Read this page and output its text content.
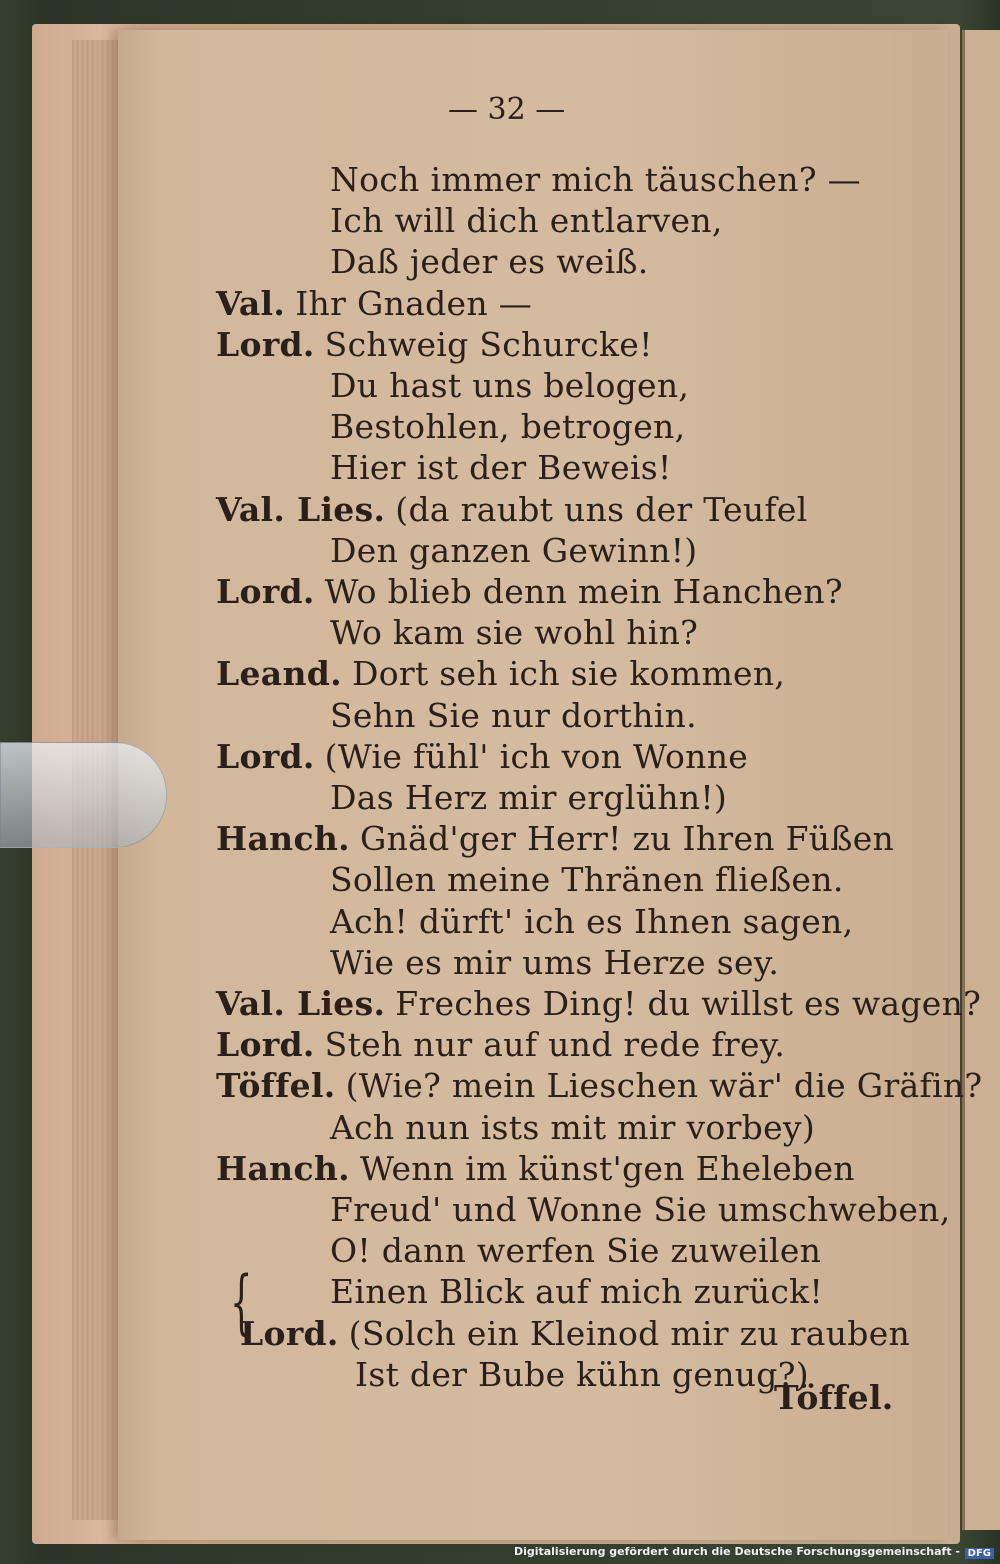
— 32 —
{
Noch immer mich täuschen? —
Ich will dich entlarven,
Daß jeder es weiß.
Val. Ihr Gnaden —
Lord. Schweig Schurcke!
Du hast uns belogen,
Bestohlen, betrogen,
Hier ist der Beweis!
Val. Lies. (da raubt uns der Teufel
Den ganzen Gewinn!)
Lord. Wo blieb denn mein Hanchen?
Wo kam sie wohl hin?
Leand. Dort seh ich sie kommen,
Sehn Sie nur dorthin.
Lord. (Wie fühl' ich von Wonne
Das Herz mir erglühn!)
Hanch. Gnäd'ger Herr! zu Ihren Füßen
Sollen meine Thränen fließen.
Ach! dürft' ich es Ihnen sagen,
Wie es mir ums Herze sey.
Val. Lies. Freches Ding! du willst es wagen?
Lord. Steh nur auf und rede frey.
Töffel. (Wie? mein Lieschen wär' die Gräfin?
Ach nun ists mit mir vorbey)
Hanch. Wenn im künst'gen Eheleben
Freud' und Wonne Sie umschweben,
O! dann werfen Sie zuweilen
Einen Blick auf mich zurück!
Lord. (Solch ein Kleinod mir zu rauben
Ist der Bube kühn genug?)
Töffel.
Digitalisierung gefördert durch die Deutsche Forschungsgemeinschaft - DFG
